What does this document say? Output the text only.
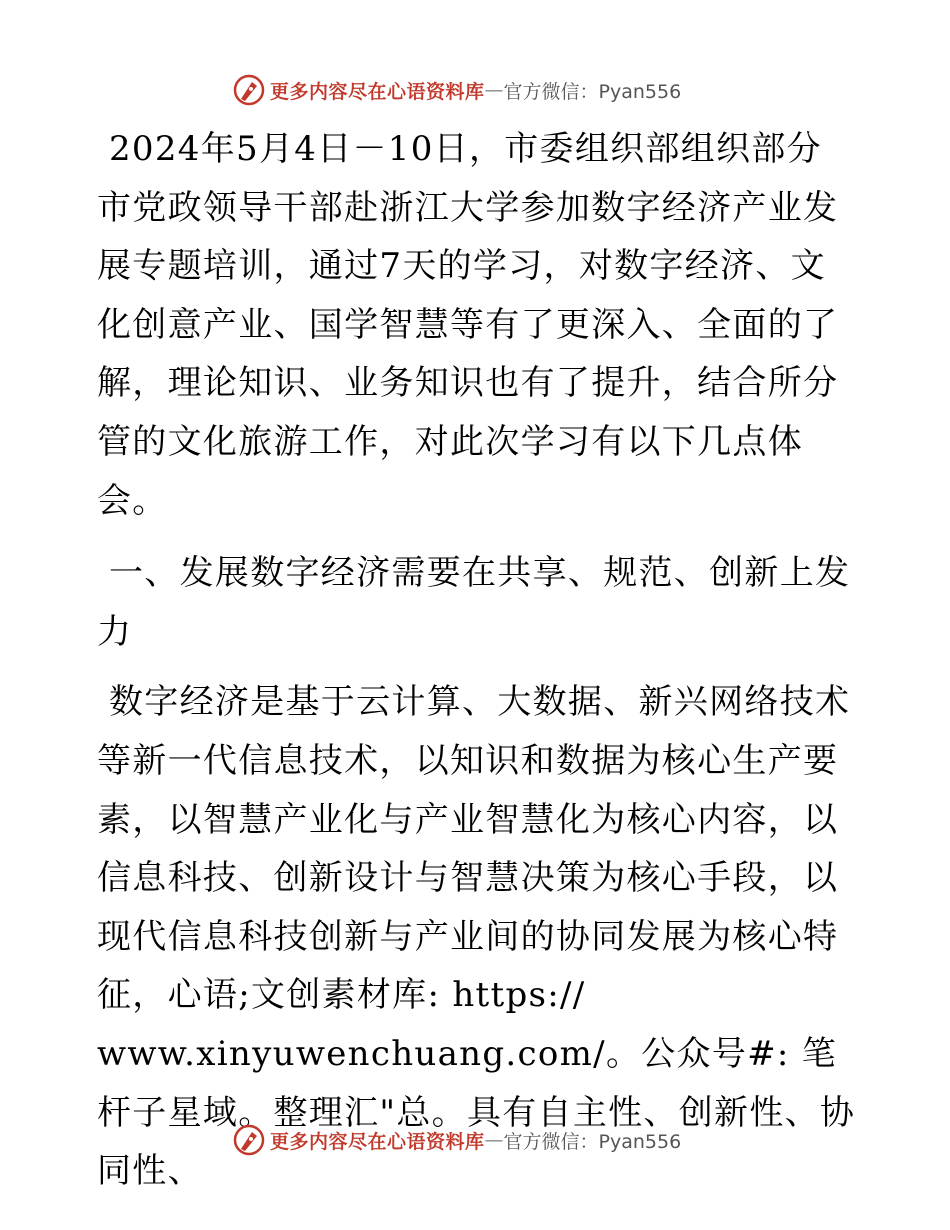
更多内容尽在心语资料库 — 官方微信：Pyan556

2024年5月4日－10日，市委组织部组织部分市党政领导干部赴浙江大学参加数字经济产业发展专题培训，通过7天的学习，对数字经济、文化创意产业、国学智慧等有了更深入、全面的了解，理论知识、业务知识也有了提升，结合所分管的文化旅游工作，对此次学习有以下几点体会。

一、发展数字经济需要在共享、规范、创新上发力

数字经济是基于云计算、大数据、新兴网络技术等新一代信息技术，以知识和数据为核心生产要素，以智慧产业化与产业智慧化为核心内容，以信息科技、创新设计与智慧决策为核心手段，以现代信息科技创新与产业间的协同发展为核心特征，心语;文创素材库: https://

www.xinyuwenchuang.com/。公众号#: 笔杆子星域。整理汇"总。具有自主性、创新性、协同性、

更多内容尽在心语资料库 — 官方微信：Pyan556
